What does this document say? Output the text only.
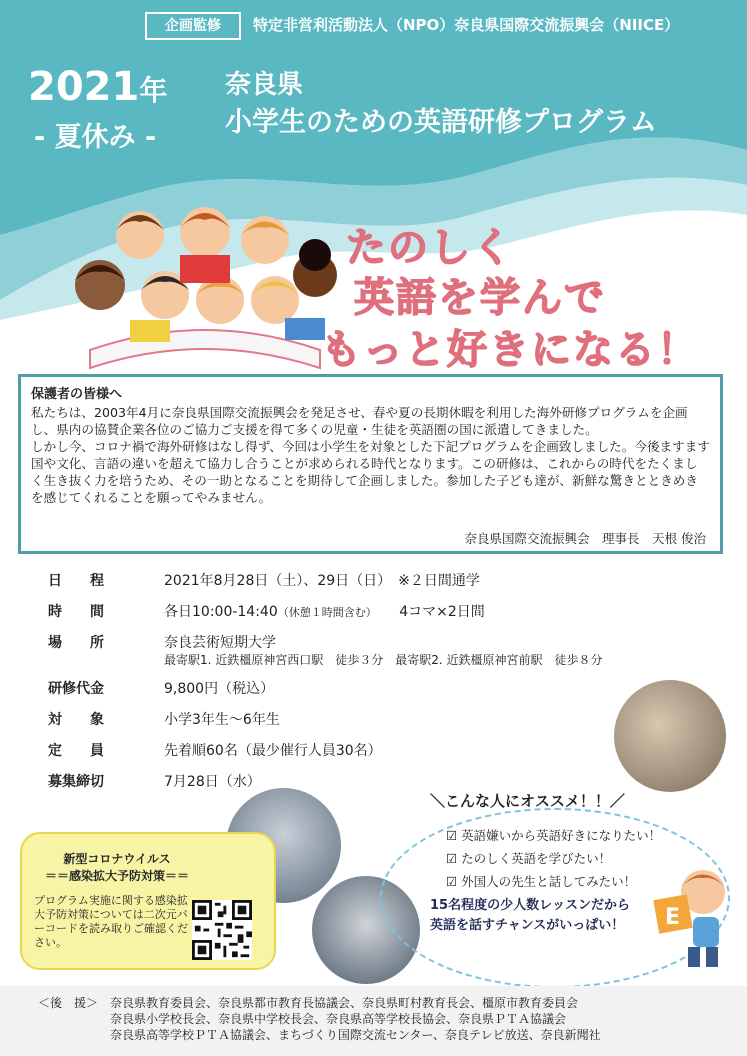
企画監修	特定非営利活動法人（NPO）奈良県国際交流振興会（NIICE）
2021年
- 夏休み -
奈良県
小学生のための英語研修プログラム
たのしく
英語を学んで
もっと好きになる！

保護者の皆様へ

私たちは、2003年4月に奈良県国際交流振興会を発足させ、春や夏の長期休暇を利用した海外研修プログラムを企画し、県内の協賛企業各位のご協力ご支援を得て多くの児童・生徒を英語圏の国に派遣してきました。

しかし今、コロナ禍で海外研修はなし得ず、今回は小学生を対象とした下記プログラムを企画致しました。今後ますます国や文化、言語の違いを超えて協力し合うことが求められる時代となります。この研修は、これからの時代をたくましく生き抜く力を培うため、その一助となることを期待して企画しました。参加した子ども達が、新鮮な驚きとときめきを感じてくれることを願ってやみません。

奈良県国際交流振興会　理事長　天根 俊治
日　　程	2021年8月28日（土）、29日（日）　※２日間通学
時　　間	各日10:00-14:40（休憩１時間含む）　　 4コマ×2日間
場　　所	奈良芸術短期大学
最寄駅1. 近鉄橿原神宮西口駅　徒歩３分　最寄駅2. 近鉄橿原神宮前駅　徒歩８分
研修代金	9,800円（税込）
対　　象	小学3年生～6年生
定　　員	先着順60名（最少催行人員30名）
募集締切	7月28日（水）
新型コロナウイルス
＝＝感染拡大予防対策＝＝
プログラム実施に関する感染拡大予防対策については二次元バーコードを読み取りご確認ください。
＼こんな人にオススメ！！／
☑ 英語嫌いから英語好きになりたい！
☑ たのしく英語を学びたい！
☑ 外国人の先生と話してみたい！
15名程度の少人数レッスンだから
英語を話すチャンスがいっぱい！ E
＜後　援＞ 奈良県教育委員会、奈良県都市教育長協議会、奈良県町村教育長会、橿原市教育委員会
奈良県小学校長会、奈良県中学校長会、奈良県高等学校長協会、奈良県ＰＴＡ協議会
奈良県高等学校ＰＴＡ協議会、まちづくり国際交流センター、奈良テレビ放送、奈良新聞社
